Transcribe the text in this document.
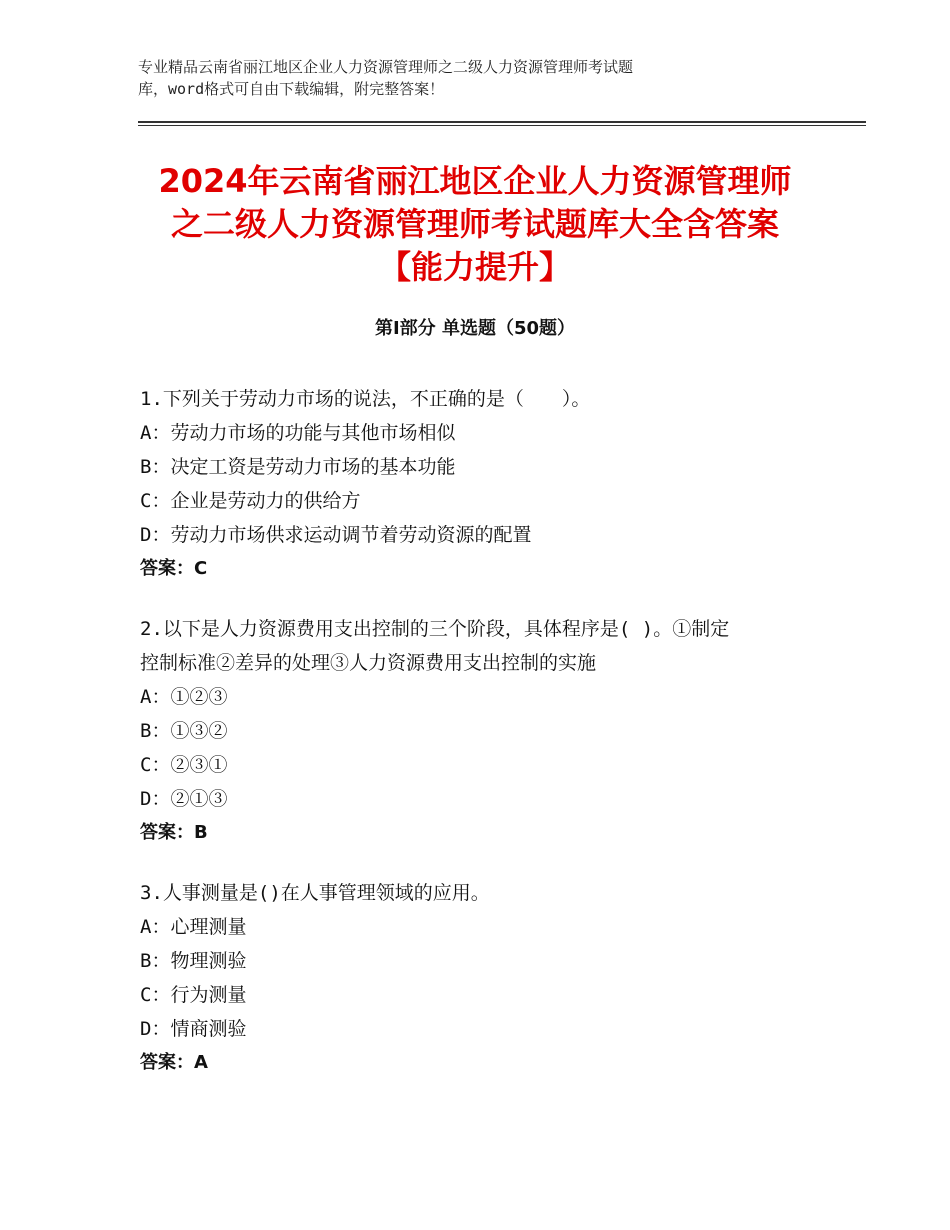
专业精品云南省丽江地区企业人力资源管理师之二级人力资源管理师考试题
库，word格式可自由下载编辑，附完整答案！
2024年云南省丽江地区企业人力资源管理师
之二级人力资源管理师考试题库大全含答案
【能力提升】
第Ⅰ部分 单选题（50题）
1.下列关于劳动力市场的说法，不正确的是（　　）。
A：劳动力市场的功能与其他市场相似
B：决定工资是劳动力市场的基本功能
C：企业是劳动力的供给方
D：劳动力市场供求运动调节着劳动资源的配置
答案：C
2.以下是人力资源费用支出控制的三个阶段，具体程序是( )。①制定
控制标准②差异的处理③人力资源费用支出控制的实施
A：①②③
B：①③②
C：②③①
D：②①③
答案：B
3.人事测量是()在人事管理领域的应用。
A：心理测量
B：物理测验
C：行为测量
D：情商测验
答案：A
